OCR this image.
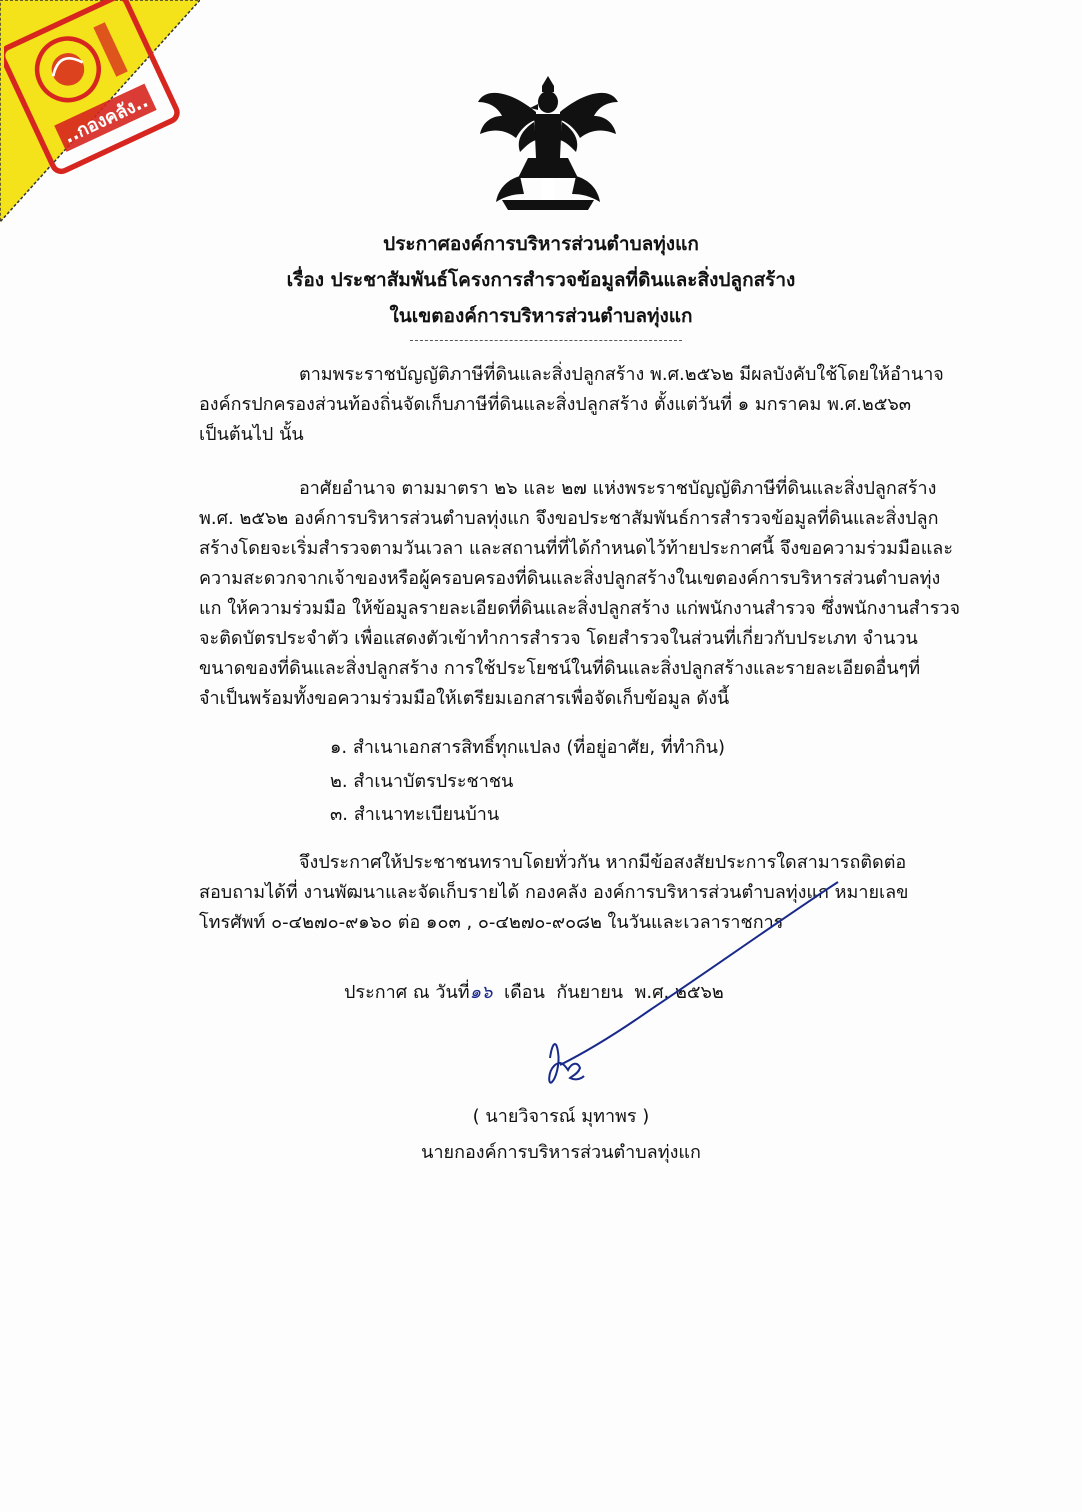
..กองคลัง..
ประกาศองค์การบริหารส่วนตำบลทุ่งแก
เรื่อง ประชาสัมพันธ์โครงการสำรวจข้อมูลที่ดินและสิ่งปลูกสร้าง
ในเขตองค์การบริหารส่วนตำบลทุ่งแก
ตามพระราชบัญญัติภาษีที่ดินและสิ่งปลูกสร้าง พ.ศ.๒๕๖๒ มีผลบังคับใช้โดยให้อำนาจ
องค์กรปกครองส่วนท้องถิ่นจัดเก็บภาษีที่ดินและสิ่งปลูกสร้าง ตั้งแต่วันที่ ๑ มกราคม พ.ศ.๒๕๖๓
เป็นต้นไป นั้น
อาศัยอำนาจ ตามมาตรา ๒๖ และ ๒๗ แห่งพระราชบัญญัติภาษีที่ดินและสิ่งปลูกสร้าง
พ.ศ. ๒๕๖๒ องค์การบริหารส่วนตำบลทุ่งแก จึงขอประชาสัมพันธ์การสำรวจข้อมูลที่ดินและสิ่งปลูก
สร้างโดยจะเริ่มสำรวจตามวันเวลา และสถานที่ที่ได้กำหนดไว้ท้ายประกาศนี้ จึงขอความร่วมมือและ
ความสะดวกจากเจ้าของหรือผู้ครอบครองที่ดินและสิ่งปลูกสร้างในเขตองค์การบริหารส่วนตำบลทุ่ง
แก ให้ความร่วมมือ ให้ข้อมูลรายละเอียดที่ดินและสิ่งปลูกสร้าง แก่พนักงานสำรวจ ซึ่งพนักงานสำรวจ
จะติดบัตรประจำตัว เพื่อแสดงตัวเข้าทำการสำรวจ โดยสำรวจในส่วนที่เกี่ยวกับประเภท จำนวน
ขนาดของที่ดินและสิ่งปลูกสร้าง การใช้ประโยชน์ในที่ดินและสิ่งปลูกสร้างและรายละเอียดอื่นๆที่
จำเป็นพร้อมทั้งขอความร่วมมือให้เตรียมเอกสารเพื่อจัดเก็บข้อมูล ดังนี้
๑. สำเนาเอกสารสิทธิ์ทุกแปลง (ที่อยู่อาศัย, ที่ทำกิน)
๒. สำเนาบัตรประชาชน
๓. สำเนาทะเบียนบ้าน
จึงประกาศให้ประชาชนทราบโดยทั่วกัน หากมีข้อสงสัยประการใดสามารถติดต่อ
สอบถามได้ที่ งานพัฒนาและจัดเก็บรายได้ กองคลัง องค์การบริหารส่วนตำบลทุ่งแก หมายเลข
โทรศัพท์ ๐-๔๒๗๐-๙๑๖๐ ต่อ ๑๐๓ , ๐-๔๒๗๐-๙๐๘๒ ในวันและเวลาราชการ
ประกาศ ณ วันที่๑๖ เดือน กันยายน พ.ศ. ๒๕๖๒
( นายวิจารณ์ มุทาพร )
นายกองค์การบริหารส่วนตำบลทุ่งแก
